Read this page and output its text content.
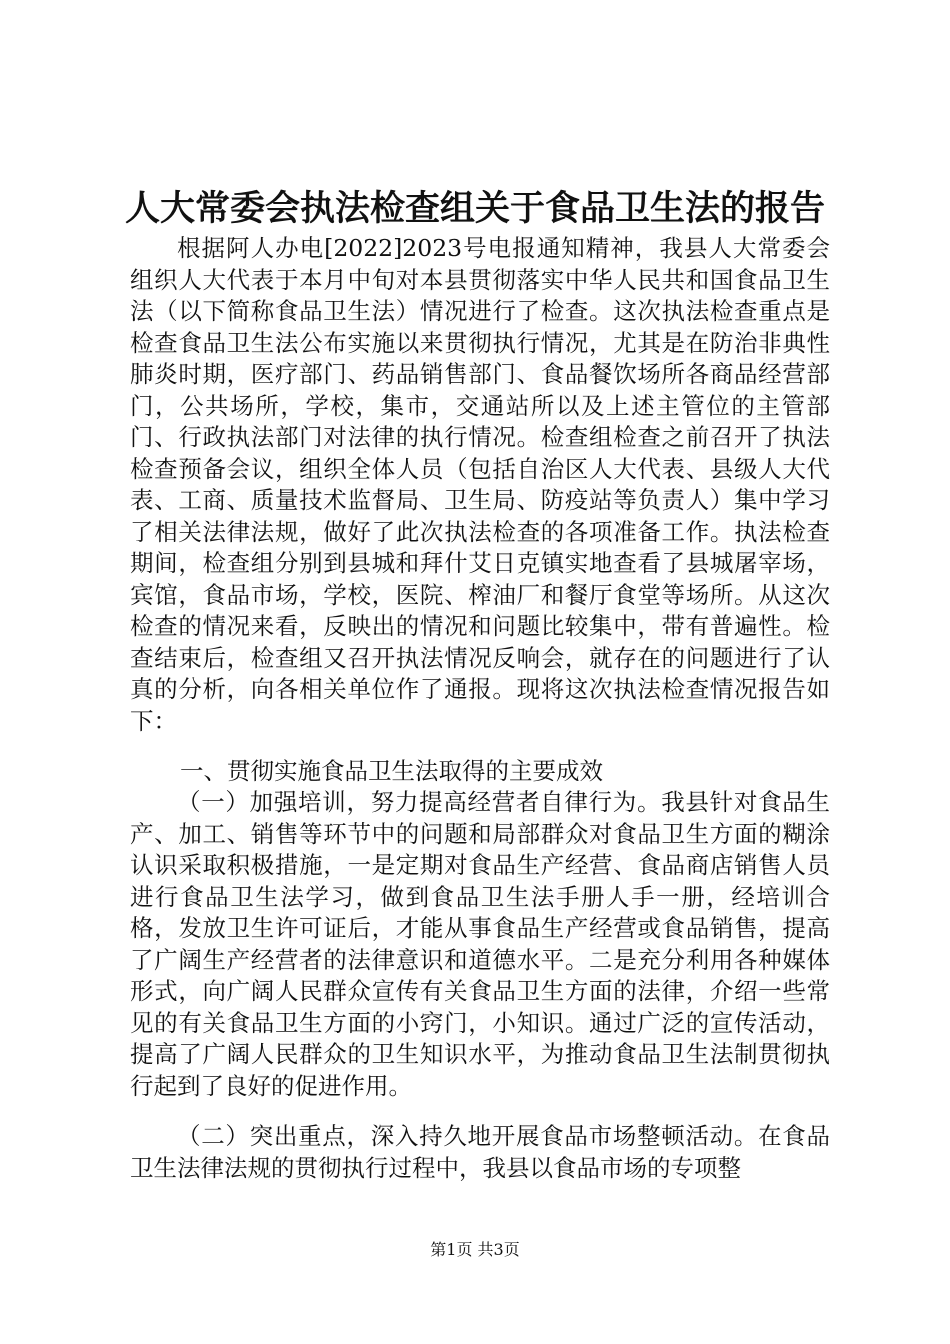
人大常委会执法检查组关于食品卫生法的报告
根据阿人办电[2022]2023号电报通知精神，我县人大常委会组织人大代表于本月中旬对本县贯彻落实中华人民共和国食品卫生法（以下简称食品卫生法）情况进行了检查。这次执法检查重点是检查食品卫生法公布实施以来贯彻执行情况，尤其是在防治非典性肺炎时期，医疗部门、药品销售部门、食品餐饮场所各商品经营部门，公共场所，学校，集市，交通站所以及上述主管位的主管部门、行政执法部门对法律的执行情况。检查组检查之前召开了执法检查预备会议，组织全体人员（包括自治区人大代表、县级人大代表、工商、质量技术监督局、卫生局、防疫站等负责人）集中学习了相关法律法规，做好了此次执法检查的各项准备工作。执法检查期间，检查组分别到县城和拜什艾日克镇实地查看了县城屠宰场，宾馆，食品市场，学校，医院、榨油厂和餐厅食堂等场所。从这次检查的情况来看，反映出的情况和问题比较集中，带有普遍性。检查结束后，检查组又召开执法情况反响会，就存在的问题进行了认真的分析，向各相关单位作了通报。现将这次执法检查情况报告如下：
一、贯彻实施食品卫生法取得的主要成效
（一）加强培训，努力提高经营者自律行为。我县针对食品生产、加工、销售等环节中的问题和局部群众对食品卫生方面的糊涂认识采取积极措施，一是定期对食品生产经营、食品商店销售人员进行食品卫生法学习，做到食品卫生法手册人手一册，经培训合格，发放卫生许可证后，才能从事食品生产经营或食品销售，提高了广阔生产经营者的法律意识和道德水平。二是充分利用各种媒体形式，向广阔人民群众宣传有关食品卫生方面的法律，介绍一些常见的有关食品卫生方面的小窍门，小知识。通过广泛的宣传活动，提高了广阔人民群众的卫生知识水平，为推动食品卫生法制贯彻执行起到了良好的促进作用。
（二）突出重点，深入持久地开展食品市场整顿活动。在食品卫生法律法规的贯彻执行过程中，我县以食品市场的专项整
第1页 共3页
